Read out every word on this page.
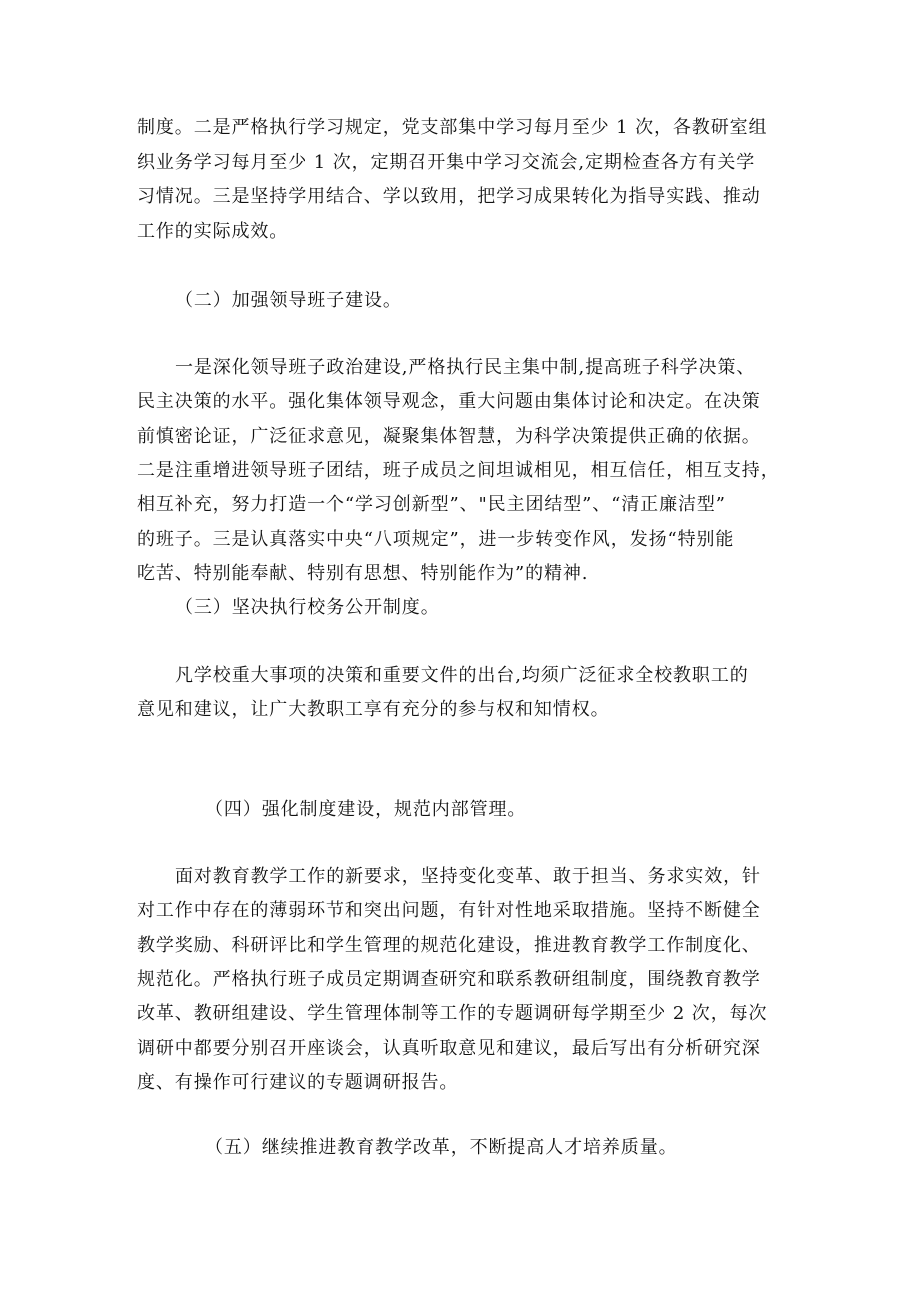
制度。二是严格执行学习规定，党支部集中学习每月至少 1 次，各教研室组
织业务学习每月至少 1 次，定期召开集中学习交流会,定期检查各方有关学
习情况。三是坚持学用结合、学以致用，把学习成果转化为指导实践、推动
工作的实际成效。
（二）加强领导班子建设。
一是深化领导班子政治建设,严格执行民主集中制,提高班子科学决策、
民主决策的水平。强化集体领导观念，重大问题由集体讨论和决定。在决策
前慎密论证，广泛征求意见，凝聚集体智慧，为科学决策提供正确的依据。
二是注重增进领导班子团结，班子成员之间坦诚相见，相互信任，相互支持，
相互补充，努力打造一个“学习创新型”、"民主团结型”、“清正廉洁型”
的班子。三是认真落实中央“八项规定”，进一步转变作风，发扬“特别能
吃苦、特别能奉献、特别有思想、特别能作为”的精神.
（三）坚决执行校务公开制度。
凡学校重大事项的决策和重要文件的出台,均须广泛征求全校教职工的
意见和建议，让广大教职工享有充分的参与权和知情权。
（四）强化制度建设，规范内部管理。
面对教育教学工作的新要求，坚持变化变革、敢于担当、务求实效，针
对工作中存在的薄弱环节和突出问题，有针对性地采取措施。坚持不断健全
教学奖励、科研评比和学生管理的规范化建设，推进教育教学工作制度化、
规范化。严格执行班子成员定期调查研究和联系教研组制度，围绕教育教学
改革、教研组建设、学生管理体制等工作的专题调研每学期至少 2 次，每次
调研中都要分别召开座谈会，认真听取意见和建议，最后写出有分析研究深
度、有操作可行建议的专题调研报告。
（五）继续推进教育教学改革，不断提高人才培养质量。
